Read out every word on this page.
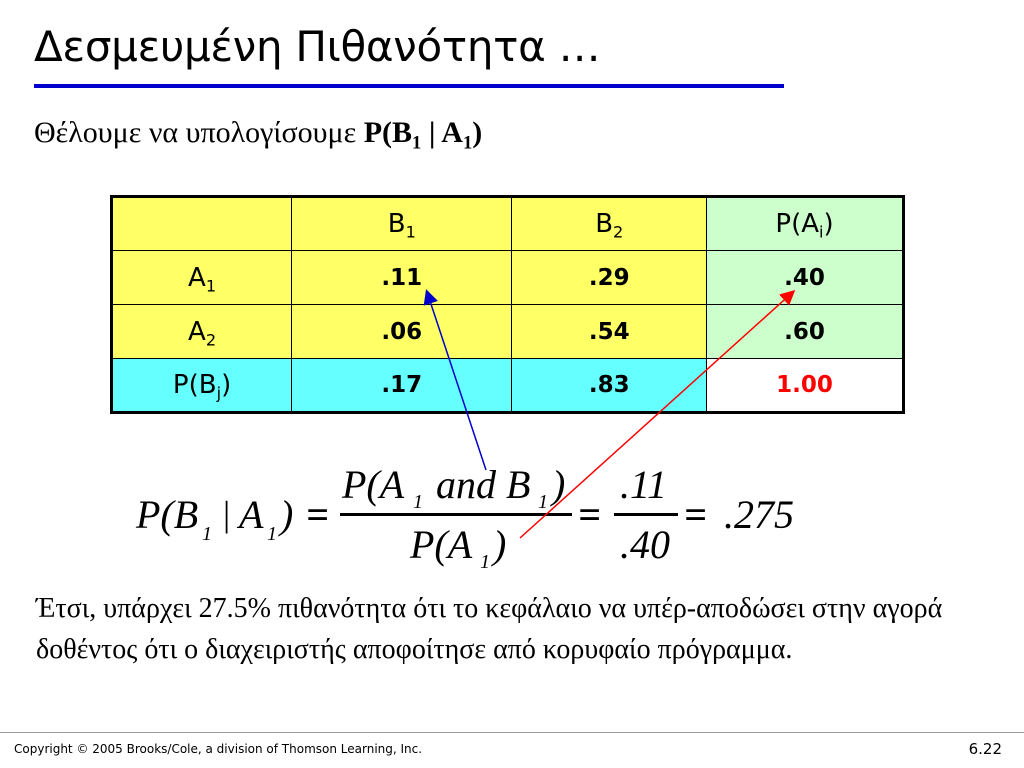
Δεσμευμένη Πιθανότητα …
Θέλουμε να υπολογίσουμε $P(B_1$ | $A_1$)
	$B_1$	$B_2$	$P(A_i)$
$A_1$	.11	.29	.40
$A_2$	.06	.54	.60
$P(B_j)$	.17	.83	1.00
P(B 1 | A 1 ) =
P(A 1 and B 1 )
P(A 1 )
=
.11
.40
= .275
Έτσι, υπάρχει 27.5% πιθανότητα ότι το κεφάλαιο να υπέρ-αποδώσει στην αγορά δοθέντος ότι ο διαχειριστής αποφοίτησε από κορυφαίο πρόγραμμα.
Copyright © 2005 Brooks/Cole, a division of Thomson Learning, Inc.	6.22
